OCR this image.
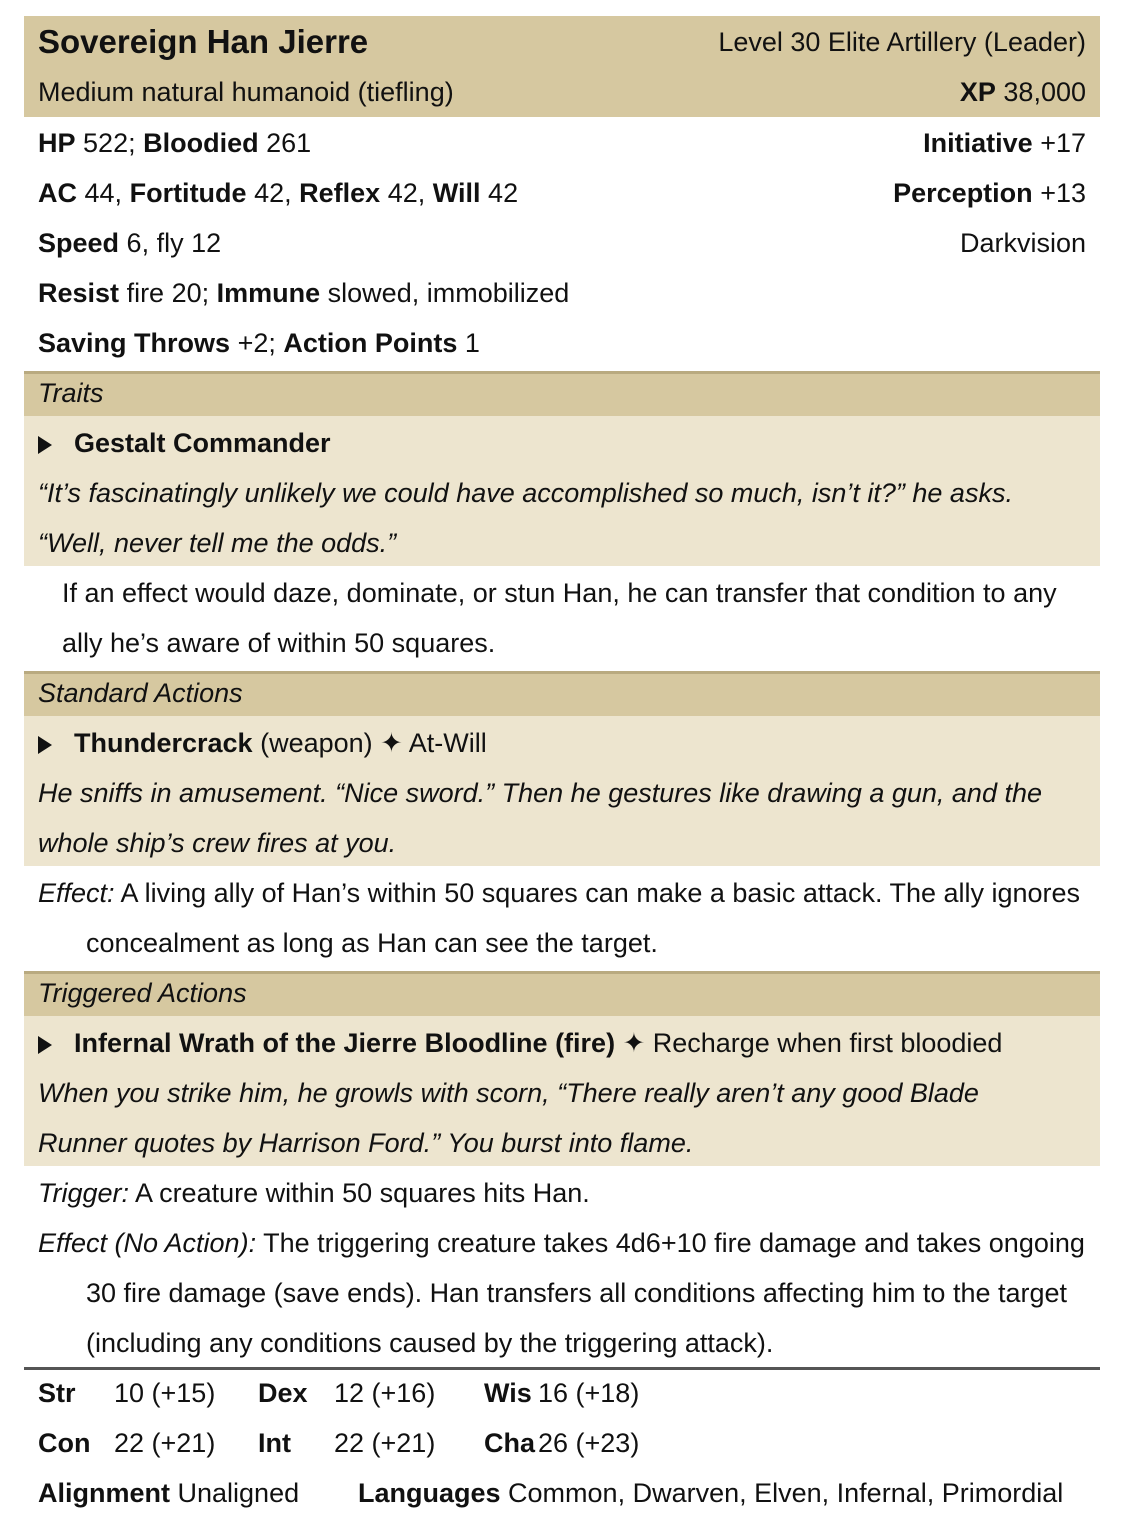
Sovereign Han Jierre	Level 30 Elite Artillery (Leader)
Medium natural humanoid (tiefling)	XP 38,000
HP 522; Bloodied 261	Initiative +17
AC 44, Fortitude 42, Reflex 42, Will 42	Perception +13
Speed 6, fly 12	Darkvision
Resist fire 20; Immune slowed, immobilized
Saving Throws +2; Action Points 1
Traits
Gestalt Commander
“It’s fascinatingly unlikely we could have accomplished so much, isn’t it?” he asks.
“Well, never tell me the odds.”
If an effect would daze, dominate, or stun Han, he can transfer that condition to any
ally he’s aware of within 50 squares.
Standard Actions
Thundercrack (weapon) ✦ At-Will
He sniffs in amusement. “Nice sword.” Then he gestures like drawing a gun, and the
whole ship’s crew fires at you.
Effect: A living ally of Han’s within 50 squares can make a basic attack. The ally ignores
concealment as long as Han can see the target.
Triggered Actions
Infernal Wrath of the Jierre Bloodline (fire) ✦ Recharge when first bloodied
When you strike him, he growls with scorn, “There really aren’t any good Blade
Runner quotes by Harrison Ford.” You burst into flame.
Trigger: A creature within 50 squares hits Han.
Effect (No Action): The triggering creature takes 4d6+10 fire damage and takes ongoing
30 fire damage (save ends). Han transfers all conditions affecting him to the target
(including any conditions caused by the triggering attack).
Str 10 (+15) Dex 12 (+16) Wis 16 (+18)
Con 22 (+21) Int 22 (+21) Cha 26 (+23)
Alignment Unaligned Languages Common, Dwarven, Elven, Infernal, Primordial
